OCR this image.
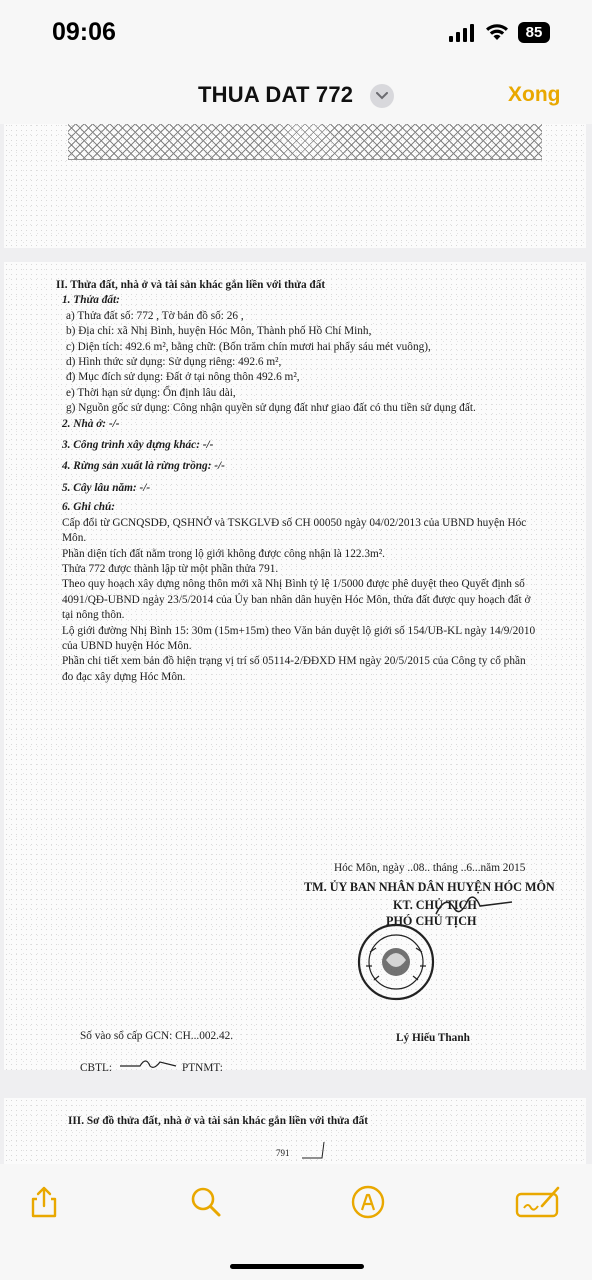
09:06	85
THUA DAT 772	Xong
II. Thửa đất, nhà ở và tài sản khác gắn liền với thửa đất
1. Thửa đất:
a) Thửa đất số: 772 , Tờ bản đồ số: 26 ,
b) Địa chỉ: xã Nhị Bình, huyện Hóc Môn, Thành phố Hồ Chí Minh,
c) Diện tích: 492.6 m², bằng chữ: (Bốn trăm chín mươi hai phẩy sáu mét vuông),
d) Hình thức sử dụng: Sử dụng riêng: 492.6 m²,
đ) Mục đích sử dụng: Đất ở tại nông thôn 492.6 m²,
e) Thời hạn sử dụng: Ổn định lâu dài,
g) Nguồn gốc sử dụng: Công nhận quyền sử dụng đất như giao đất có thu tiền sử dụng đất.
2. Nhà ở: -/-
3. Công trình xây dựng khác: -/-
4. Rừng sản xuất là rừng trồng: -/-
5. Cây lâu năm: -/-
6. Ghi chú:
Cấp đổi từ GCNQSDĐ, QSHNỞ và TSKGLVĐ số CH 00050 ngày 04/02/2013 của UBND huyện Hóc
Môn.
Phần diện tích đất nằm trong lộ giới không được công nhận là 122.3m².
Thửa 772 được thành lập từ một phần thửa 791.
Theo quy hoạch xây dựng nông thôn mới xã Nhị Bình tỷ lệ 1/5000 được phê duyệt theo Quyết định số
4091/QĐ-UBND ngày 23/5/2014 của Ủy ban nhân dân huyện Hóc Môn, thửa đất được quy hoạch đất ở
tại nông thôn.
Lộ giới đường Nhị Bình 15: 30m (15m+15m) theo Văn bản duyệt lộ giới số 154/UB-KL ngày 14/9/2010
của UBND huyện Hóc Môn.
Phần chi tiết xem bản đồ hiện trạng vị trí số 05114-2/ĐĐXD HM ngày 20/5/2015 của Công ty cổ phần
đo đạc xây dựng Hóc Môn.
Hóc Môn, ngày ..08.. tháng ..6...năm 2015
TM. ỦY BAN NHÂN DÂN HUYỆN HÓC MÔN
KT. CHỦ TỊCH
PHÓ CHỦ TỊCH
Lý Hiếu Thanh
Số vào sổ cấp GCN: CH...002.42.
CBTL:	PTNMT:
III. Sơ đồ thửa đất, nhà ở và tài sản khác gắn liền với thửa đất
791
